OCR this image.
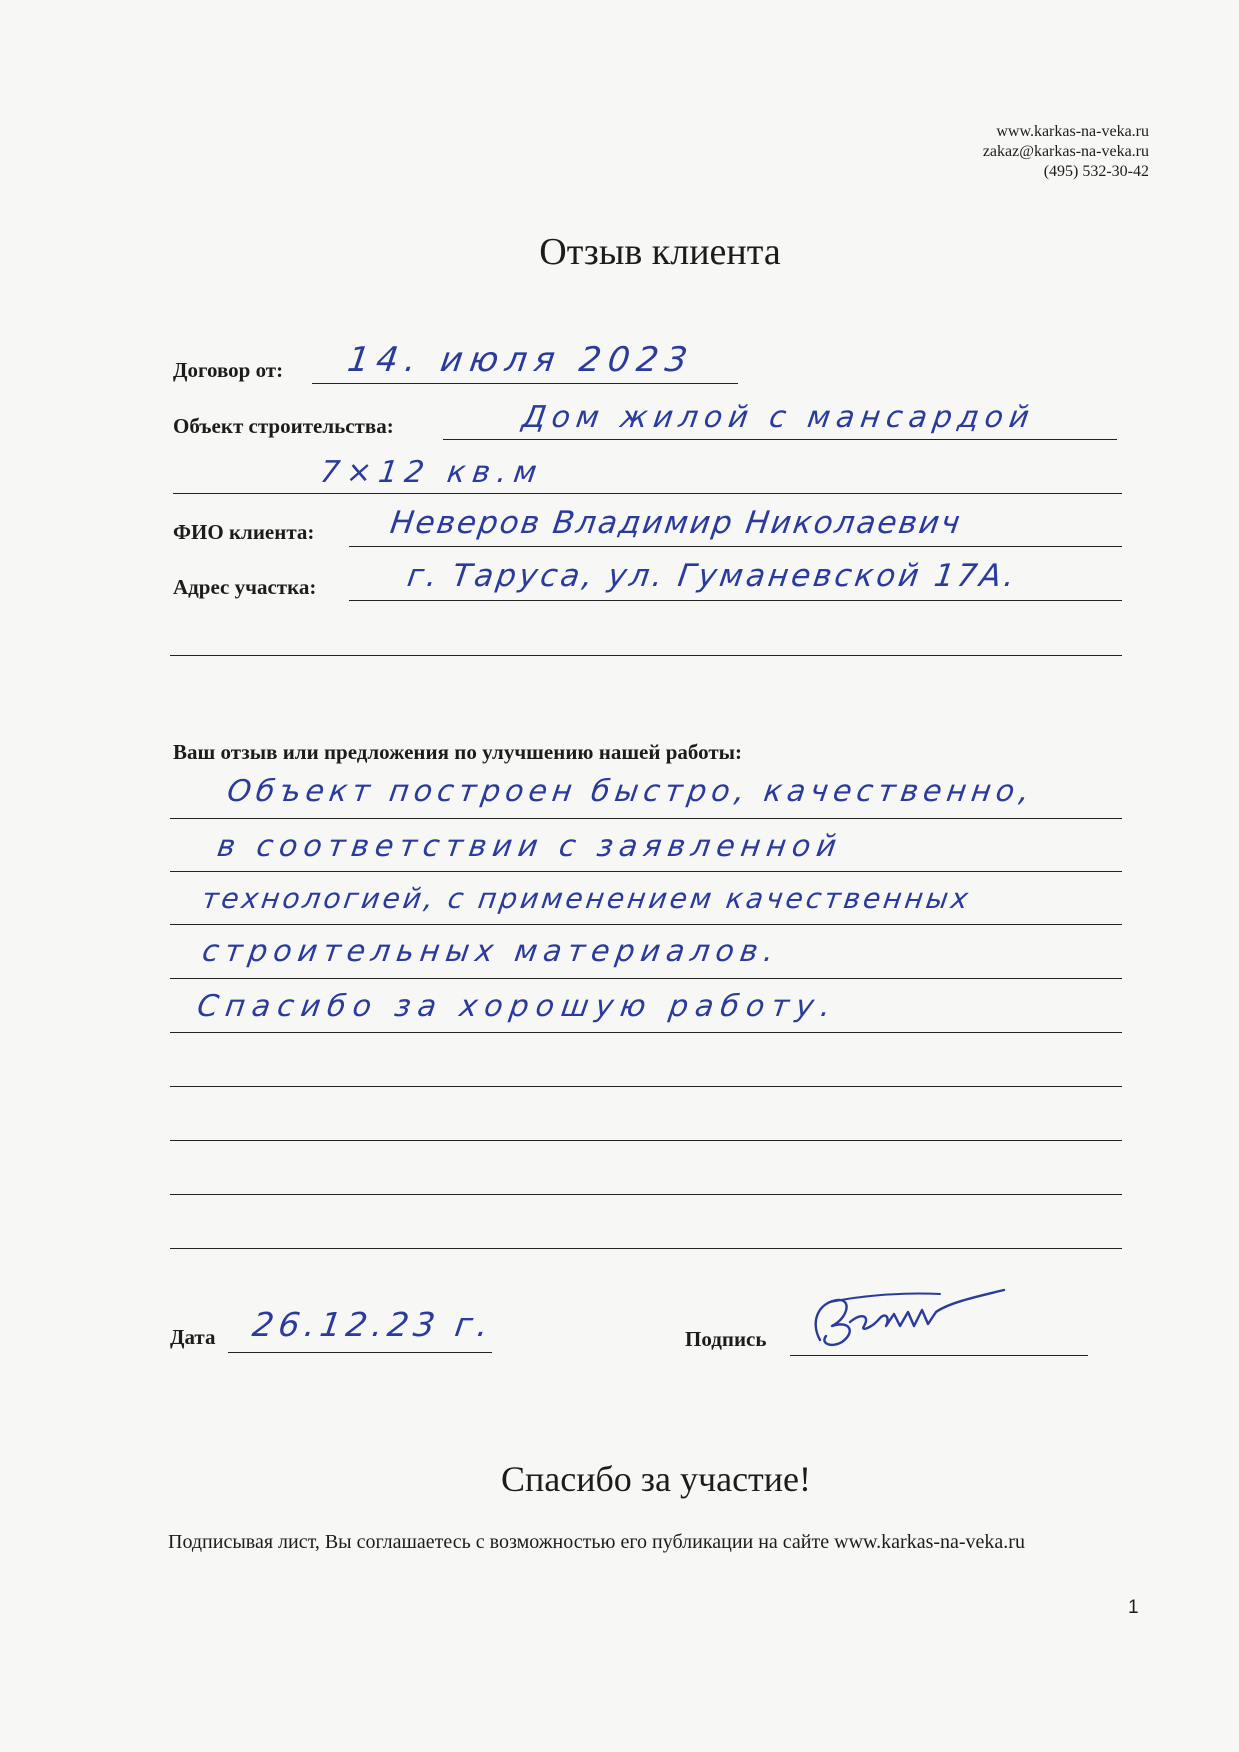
www.karkas-na-veka.ru
zakaz@karkas-na-veka.ru
(495) 532-30-42
Отзыв клиента
Договор от: 14. июля 2023
Объект строительства:	Дом жилой с мансардой
7×12 кв.м
ФИО клиента: Неверов Владимир Николаевич
Адрес участка:	г. Таруса, ул. Гуманевской 17А.
Ваш отзыв или предложения по улучшению нашей работы:
Объект построен быстро, качественно,
в соответствии с заявленной
технологией, с применением качественных
строительных материалов.
Спасибо за хорошую работу.
Дата 26.12.23 г.	Подпись
Спасибо за участие!
Подписывая лист, Вы соглашаетесь с возможностью его публикации на сайте www.karkas-na-veka.ru
1
